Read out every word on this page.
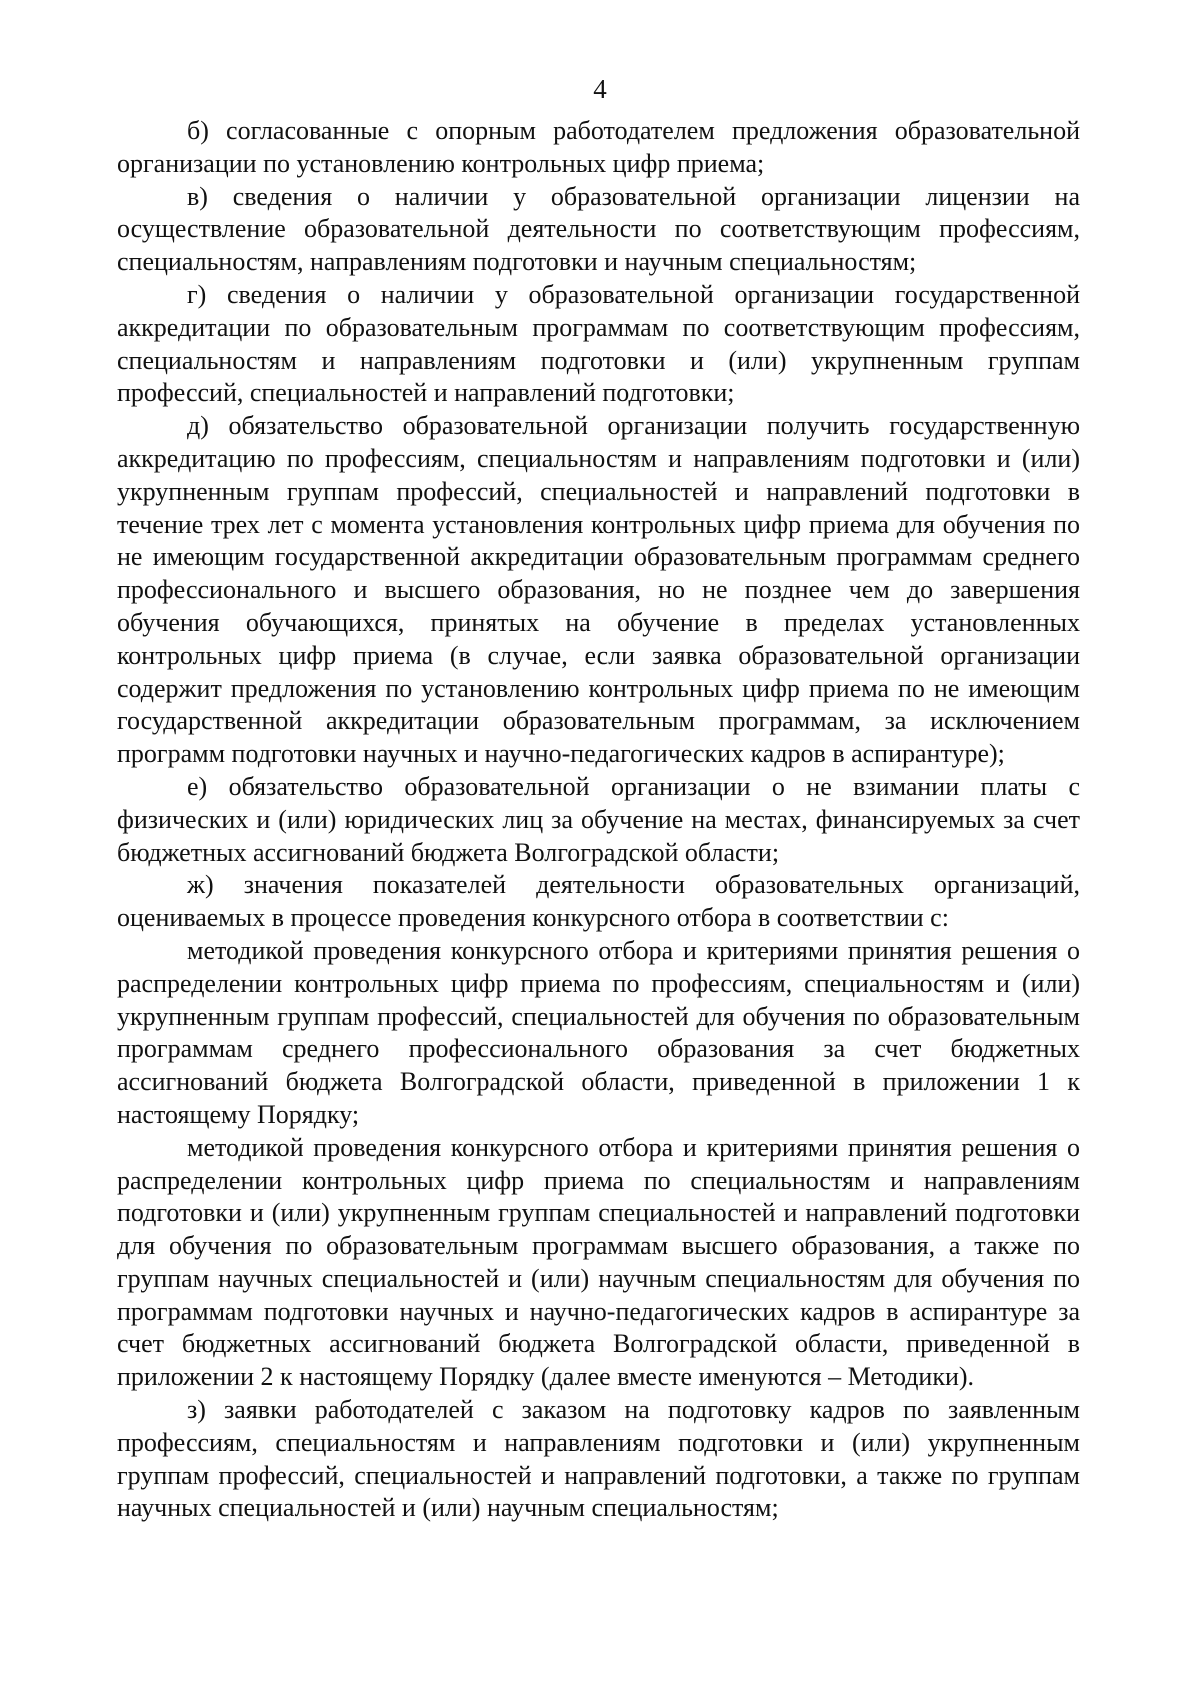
4

б) согласованные с опорным работодателем предложения образовательной организации по установлению контрольных цифр приема;

в) сведения о наличии у образовательной организации лицензии на осуществление образовательной деятельности по соответствующим профессиям, специальностям, направлениям подготовки и научным специальностям;

г) сведения о наличии у образовательной организации государственной аккредитации по образовательным программам по соответствующим профессиям, специальностям и направлениям подготовки и (или) укрупненным группам профессий, специальностей и направлений подготовки;

д) обязательство образовательной организации получить государственную аккредитацию по профессиям, специальностям и направлениям подготовки и (или) укрупненным группам профессий, специальностей и направлений подготовки в течение трех лет с момента установления контрольных цифр приема для обучения по не имеющим государственной аккредитации образовательным программам среднего профессионального и высшего образования, но не позднее чем до завершения обучения обучающихся, принятых на обучение в пределах установленных контрольных цифр приема (в случае, если заявка образовательной организации содержит предложения по установлению контрольных цифр приема по не имеющим государственной аккредитации образовательным программам, за исключением программ подготовки научных и научно-педагогических кадров в аспирантуре);

е) обязательство образовательной организации о не взимании платы с физических и (или) юридических лиц за обучение на местах, финансируемых за счет бюджетных ассигнований бюджета Волгоградской области;

ж) значения показателей деятельности образовательных организаций, оцениваемых в процессе проведения конкурсного отбора в соответствии с:

методикой проведения конкурсного отбора и критериями принятия решения о распределении контрольных цифр приема по профессиям, специальностям и (или) укрупненным группам профессий, специальностей для обучения по образовательным программам среднего профессионального образования за счет бюджетных ассигнований бюджета Волгоградской области, приведенной в приложении 1 к настоящему Порядку;

методикой проведения конкурсного отбора и критериями принятия решения о распределении контрольных цифр приема по специальностям и направлениям подготовки и (или) укрупненным группам специальностей и направлений подготовки для обучения по образовательным программам высшего образования, а также по группам научных специальностей и (или) научным специальностям для обучения по программам подготовки научных и научно-педагогических кадров в аспирантуре за счет бюджетных ассигнований бюджета Волгоградской области, приведенной в приложении 2 к настоящему Порядку (далее вместе именуются – Методики).

з) заявки работодателей с заказом на подготовку кадров по заявленным профессиям, специальностям и направлениям подготовки и (или) укрупненным группам профессий, специальностей и направлений подготовки, а также по группам научных специальностей и (или) научным специальностям;
